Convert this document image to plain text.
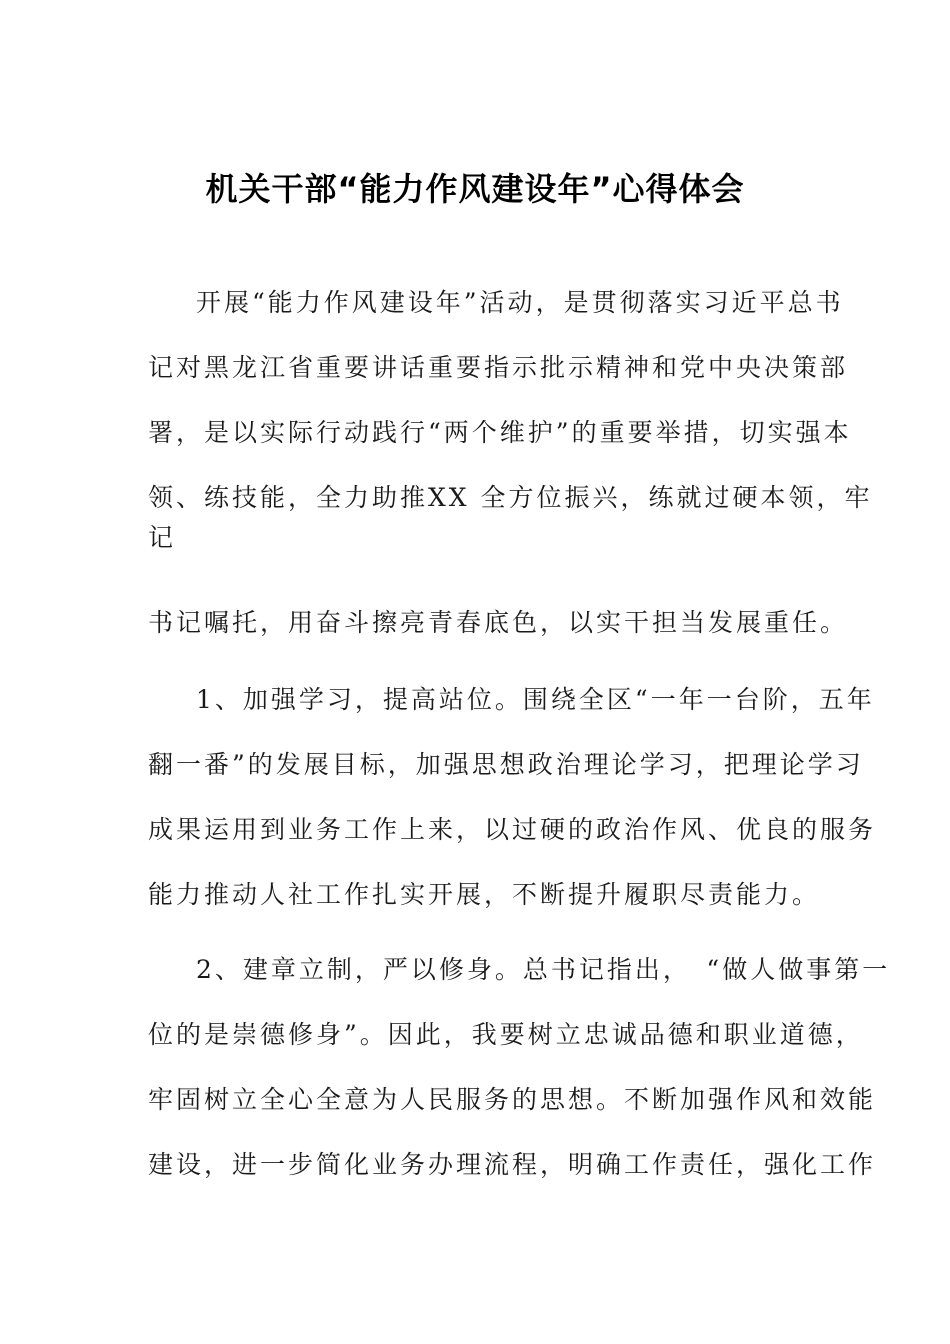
机关干部“能力作风建设年”心得体会
开展“能力作风建设年”活动，是贯彻落实习近平总书
记对黑龙江省重要讲话重要指示批示精神和党中央决策部
署，是以实际行动践行“两个维护”的重要举措，切实强本
领、练技能，全力助推XX 全方位振兴，练就过硬本领，牢
记
书记嘱托，用奋斗擦亮青春底色，以实干担当发展重任。
1、加强学习，提高站位。围绕全区“一年一台阶，五年
翻一番”的发展目标，加强思想政治理论学习，把理论学习
成果运用到业务工作上来，以过硬的政治作风、优良的服务
能力推动人社工作扎实开展，不断提升履职尽责能力。
2、建章立制，严以修身。总书记指出，　“做人做事第一
位的是崇德修身”。因此，我要树立忠诚品德和职业道德，
牢固树立全心全意为人民服务的思想。不断加强作风和效能
建设，进一步简化业务办理流程，明确工作责任，强化工作
